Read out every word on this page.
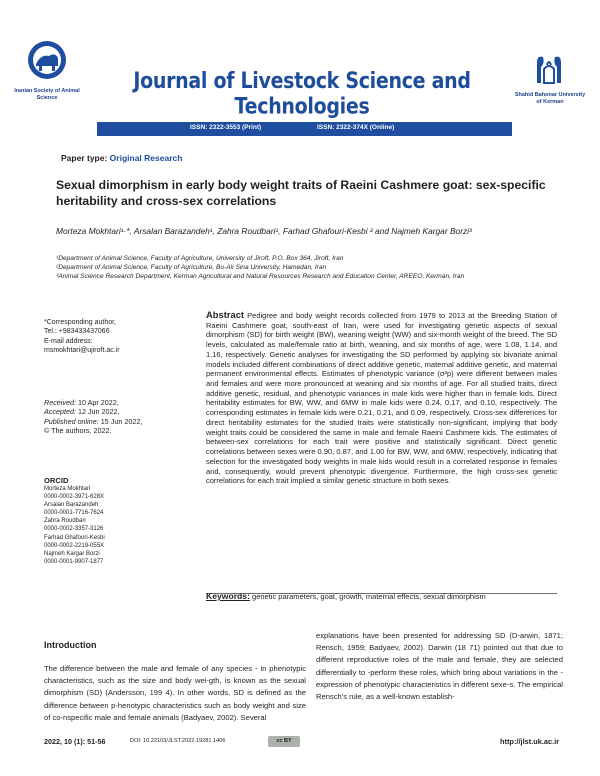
Iranian Society of Animal Science
Journal of Livestock Science and Technologies	Shahid Bahonar University of Kerman
ISSN: 2322-3553 (Print)	ISSN: 2322-374X (Online)
Paper type: Original Research
Sexual dimorphism in early body weight traits of Raeini Cashmere goat: sex-specific heritability and cross-sex correlations
Morteza Mokhtari¹·*, Arsalan Barazandeh¹, Zahra Roudbari¹, Farhad Ghafouri-Kesbi ² and Najmeh Kargar Borzi³
¹Department of Animal Science, Faculty of Agriculture, University of Jiroft, P.O. Box 364, Jiroft, Iran
²Department of Animal Science, Faculty of Agriculture, Bu-Ali Sina University, Hamedan, Iran
³Animal Science Research Department, Kerman Agricultural and Natural Resources Research and Education Center, AREEO, Kerman, Iran
*Corresponding author,
Tel.: +983433437066
E-mail address:
msmokhtari@ujiroft.ac.ir
Received: 10 Apr 2022,
Accepted: 12 Jun 2022,
Published online: 15 Jun 2022,
© The authors, 2022.
ORCID
Morteza Mokhtari
0000-0002-3971-628X
Arsalan Barazandeh
0000-0001-7716-7624
Zahra Roudbari
0000-0002-3357-3126
Farhad Ghafouri-Kesbi
0000-0002-2219-055X
Najmeh Kargar Borzi
0000-0001-9907-1877
Abstract Pedigree and body weight records collected from 1979 to 2013 at the Breeding Station of Raeini Cashmere goat, south-east of Iran, were used for investigating genetic aspects of sexual dimorphism (SD) for birth weight (BW), weaning weight (WW) and six-month weight of the breed. The SD levels, calculated as male/female ratio at birth, weaning, and six months of age, were 1.08, 1.14, and 1.16, respectively. Genetic analyses for investigating the SD performed by applying six bivariate animal models included different combinations of direct additive genetic, maternal additive genetic, and maternal permanent environmental effects. Estimates of phenotypic variance (σ²p) were different between males and females and were more pronounced at weaning and six months of age. For all studied traits, direct additive genetic, residual, and phenotypic variances in male kids were higher than in female kids. Direct heritability estimates for BW, WW, and 6MW in male kids were 0.24, 0.17, and 0.10, respectively. The corresponding estimates in female kids were 0.21, 0.21, and 0.09, respectively. Cross-sex differences for direct heritability estimates for the studied traits were statistically non-significant, implying that body weight traits could be considered the same in male and female Raeini Cashmere kids. The estimates of between-sex correlations for each trait were positive and statistically significant. Direct genetic correlations between sexes were 0.90, 0.87, and 1.00 for BW, WW, and 6MW, respectively, indicating that selection for the investigated body weights in male kids would result in a correlated response in females and, consequently, would prevent phenotypic divergence. Furthermore, the high cross-sex genetic correlations for each trait implied a similar genetic structure in both sexes.
Keywords: genetic parameters, goat, growth, maternal effects, sexual dimorphism
Introduction
The difference between the male and female of any species - in phenotypic characteristics, such as the size and body wei-gth, is known as the sexual dimorphism (SD) (Andersson, 199 4). In other words, SD is defined as the difference between p-henotypic characteristics such as body weight and size of co-nspecific male and female animals (Badyaev, 2002). Several
explanations have been presented for addressing SD (D-arwin, 1871; Rensch, 1959; Badyaev, 2002). Darwin (18 71) pointed out that due to different reproductive roles of the male and female, they are selected differentially to -perform these roles, which bring about variations in the -expression of phenotypic characteristics in different sexe-s. The empirical Rensch's rule, as a well-known establish-
2022, 10 (1): 51-56	DOI: 10.22103/JLST.2022.19281.1406	cc BY	http://jlst.uk.ac.ir
